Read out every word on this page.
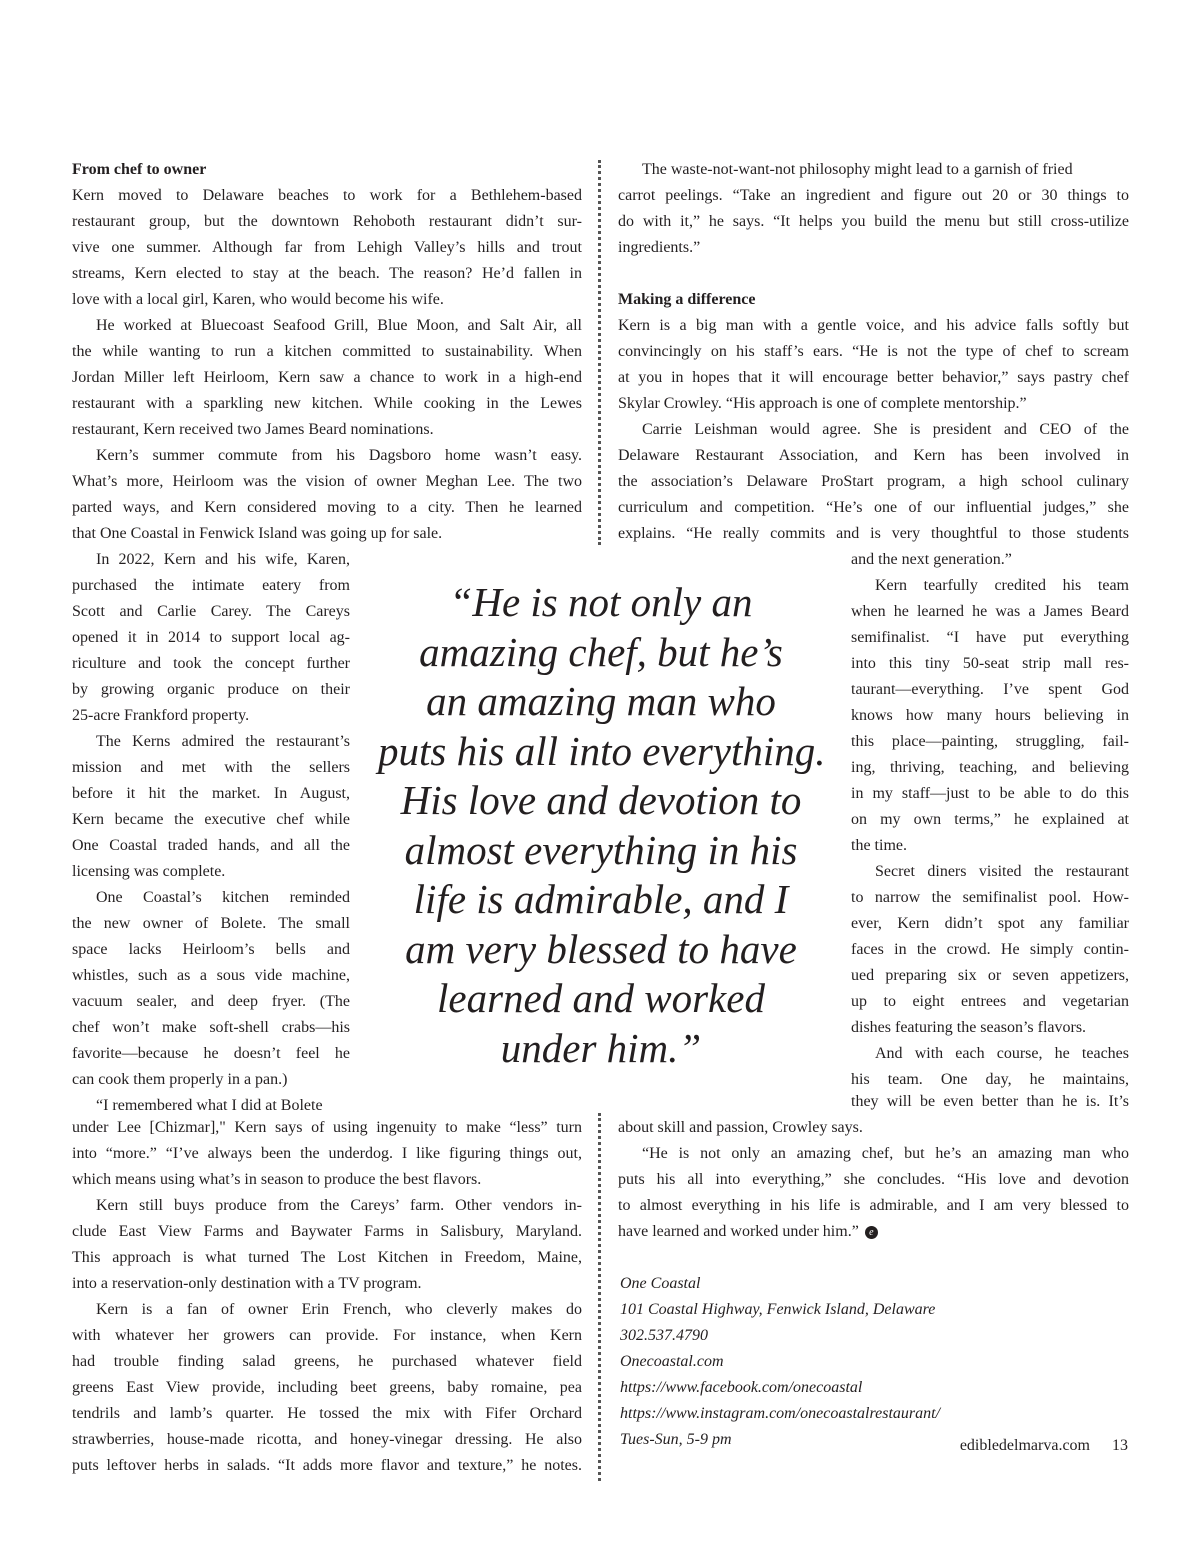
From chef to owner
Kern moved to Delaware beaches to work for a Bethlehem-based
restaurant group, but the downtown Rehoboth restaurant didn’t sur-
vive one summer. Although far from Lehigh Valley’s hills and trout
streams, Kern elected to stay at the beach. The reason? He’d fallen in
love with a local girl, Karen, who would become his wife.
He worked at Bluecoast Seafood Grill, Blue Moon, and Salt Air, all
the while wanting to run a kitchen committed to sustainability. When
Jordan Miller left Heirloom, Kern saw a chance to work in a high-end
restaurant with a sparkling new kitchen. While cooking in the Lewes
restaurant, Kern received two James Beard nominations.
Kern’s summer commute from his Dagsboro home wasn’t easy.
What’s more, Heirloom was the vision of owner Meghan Lee. The two
parted ways, and Kern considered moving to a city. Then he learned
that One Coastal in Fenwick Island was going up for sale.
In 2022, Kern and his wife, Karen,
purchased the intimate eatery from
Scott and Carlie Carey. The Careys
opened it in 2014 to support local ag-
riculture and took the concept further
by growing organic produce on their
25-acre Frankford property.
The Kerns admired the restaurant’s
mission and met with the sellers
before it hit the market. In August,
Kern became the executive chef while
One Coastal traded hands, and all the
licensing was complete.
One Coastal’s kitchen reminded
the new owner of Bolete. The small
space lacks Heirloom’s bells and
whistles, such as a sous vide machine,
vacuum sealer, and deep fryer. (The
chef won’t make soft-shell crabs—his
favorite—because he doesn’t feel he
can cook them properly in a pan.)
“I remembered what I did at Bolete
under Lee [Chizmar]," Kern says of using ingenuity to make “less” turn
into “more.” “I’ve always been the underdog. I like figuring things out,
which means using what’s in season to produce the best flavors.
Kern still buys produce from the Careys’ farm. Other vendors in-
clude East View Farms and Baywater Farms in Salisbury, Maryland.
This approach is what turned The Lost Kitchen in Freedom, Maine,
into a reservation-only destination with a TV program.
Kern is a fan of owner Erin French, who cleverly makes do
with whatever her growers can provide. For instance, when Kern
had trouble finding salad greens, he purchased whatever field
greens East View provide, including beet greens, baby romaine, pea
tendrils and lamb’s quarter. He tossed the mix with Fifer Orchard
strawberries, house-made ricotta, and honey-vinegar dressing. He also
puts leftover herbs in salads. “It adds more flavor and texture,” he notes.
The waste-not-want-not philosophy might lead to a garnish of fried
carrot peelings. “Take an ingredient and figure out 20 or 30 things to
do with it,” he says. “It helps you build the menu but still cross-utilize
ingredients.”
Making a difference
Kern is a big man with a gentle voice, and his advice falls softly but
convincingly on his staff’s ears. “He is not the type of chef to scream
at you in hopes that it will encourage better behavior,” says pastry chef
Skylar Crowley. “His approach is one of complete mentorship.”
Carrie Leishman would agree. She is president and CEO of the
Delaware Restaurant Association, and Kern has been involved in
the association’s Delaware ProStart program, a high school culinary
curriculum and competition. “He’s one of our influential judges,” she
explains. “He really commits and is very thoughtful to those students
and the next generation.”
Kern tearfully credited his team
when he learned he was a James Beard
semifinalist. “I have put everything
into this tiny 50-seat strip mall res-
taurant—everything. I’ve spent God
knows how many hours believing in
this place—painting, struggling, fail-
ing, thriving, teaching, and believing
in my staff—just to be able to do this
on my own terms,” he explained at
the time.
Secret diners visited the restaurant
to narrow the semifinalist pool. How-
ever, Kern didn’t spot any familiar
faces in the crowd. He simply contin-
ued preparing six or seven appetizers,
up to eight entrees and vegetarian
dishes featuring the season’s flavors.
And with each course, he teaches
his team. One day, he maintains,
they will be even better than he is. It’s
about skill and passion, Crowley says.
“He is not only an amazing chef, but he’s an amazing man who
puts his all into everything,” she concludes. “His love and devotion
to almost everything in his life is admirable, and I am very blessed to
have learned and worked under him.” e
One Coastal
101 Coastal Highway, Fenwick Island, Delaware
302.537.4790
Onecoastal.com
https://www.facebook.com/onecoastal
https://www.instagram.com/onecoastalrestaurant/
Tues-Sun, 5-9 pm
“He is not only an
amazing chef, but he’s
an amazing man who
puts his all into everything.
His love and devotion to
almost everything in his
life is admirable, and I
am very blessed to have
learned and worked
under him.”
edibledelmarva.com 13
